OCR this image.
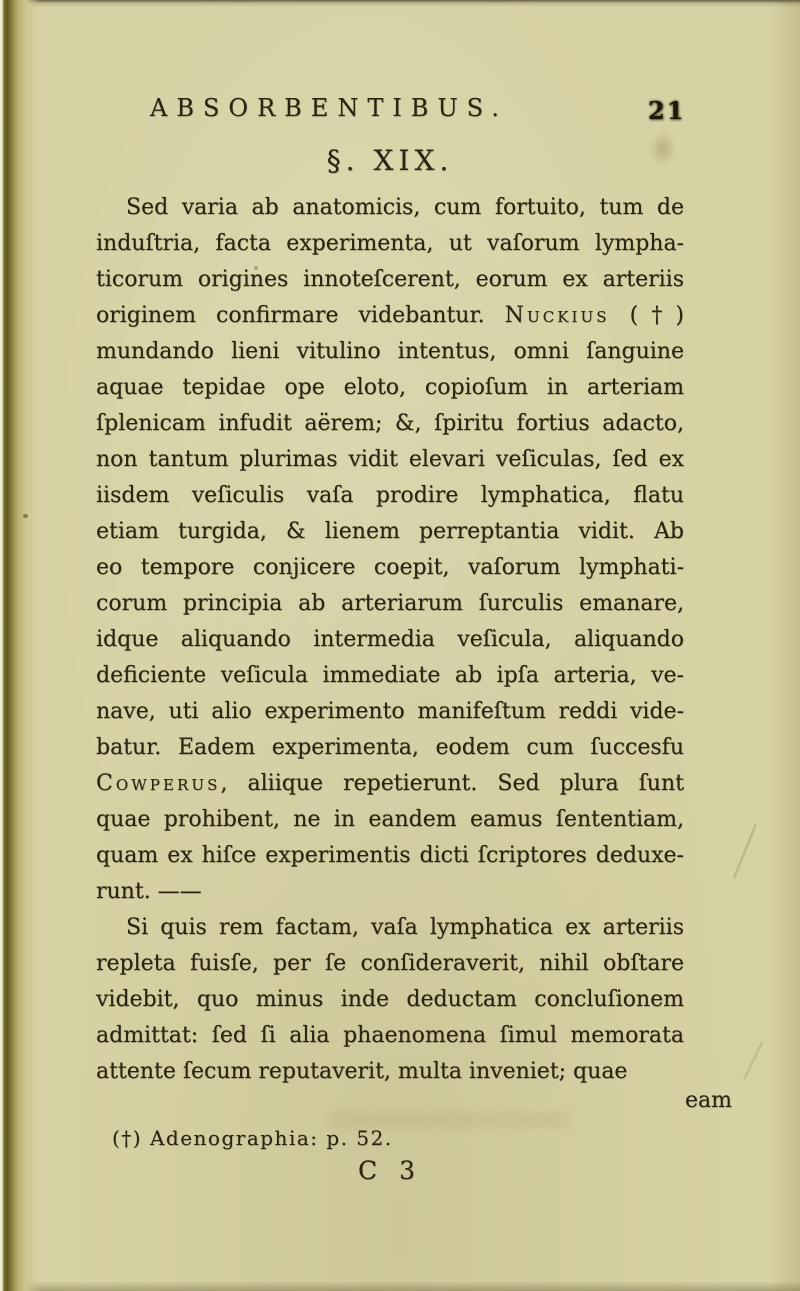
ABSORBENTIBUS.	21
§. XIX.
Sed varia ab anatomicis, cum fortuito, tum de
induſtria, facta experimenta, ut vaſorum lympha-
ticorum origines innoteſcerent, eorum ex arteriis
originem confirmare videbantur. Nuckius (†)
mundando lieni vitulino intentus, omni ſanguine
aquae tepidae ope eloto, copioſum in arteriam
ſplenicam infudit aërem; &, ſpiritu fortius adacto,
non tantum plurimas vidit elevari veſiculas, ſed ex
iisdem veſiculis vaſa prodire lymphatica, flatu
etiam turgida, & lienem perreptantia vidit. Ab
eo tempore conjicere coepit, vaſorum lymphati-
corum principia ab arteriarum ſurculis emanare,
idque aliquando intermedia veſicula, aliquando
deficiente veſicula immediate ab ipſa arteria, ve-
nave, uti alio experimento manifeſtum reddi vide-
batur. Eadem experimenta, eodem cum ſuccesfu
Cowperus, aliique repetierunt. Sed plura ſunt
quae prohibent, ne in eandem eamus ſententiam,
quam ex hiſce experimentis dicti ſcriptores deduxe-
runt. ——
Si quis rem factam, vaſa lymphatica ex arteriis
repleta fuisſe, per ſe conſideraverit, nihil obſtare
videbit, quo minus inde deductam concluſionem
admittat: ſed ſi alia phaenomena ſimul memorata
attente ſecum reputaverit, multa inveniet; quae
eam
(†) Adenographia: p. 52.
C 3
